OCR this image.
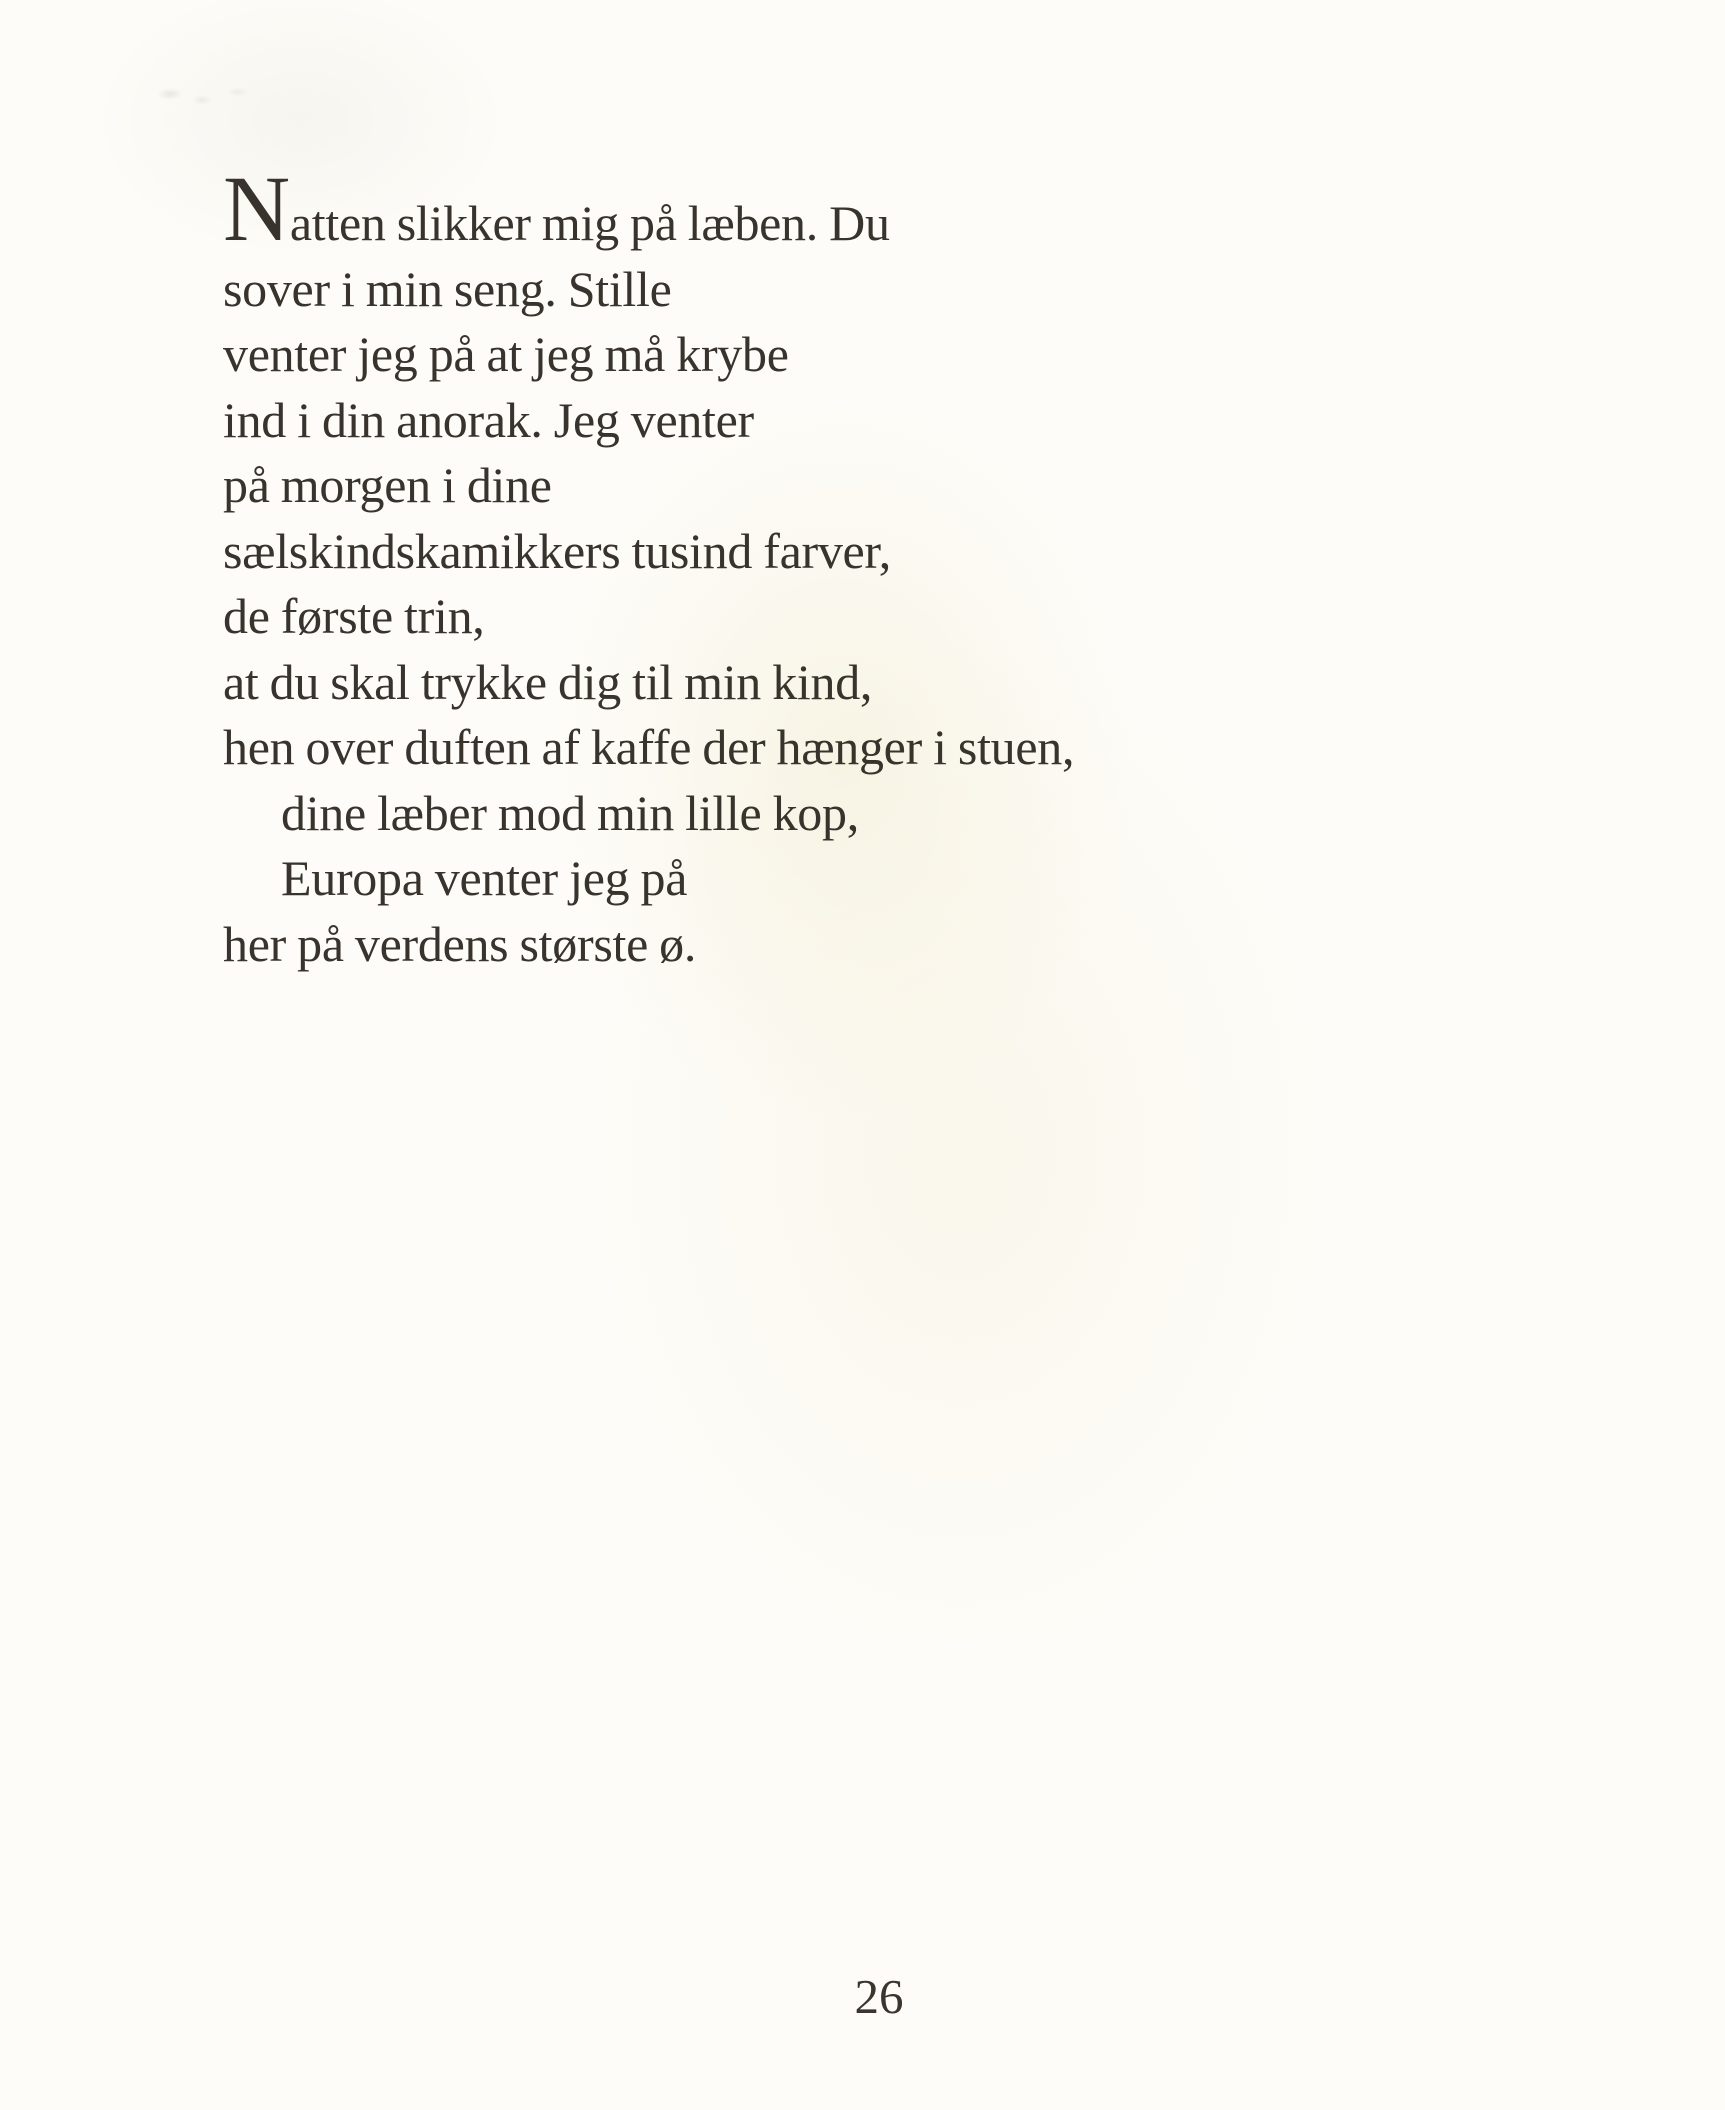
Natten slikker mig på læben. Du
sover i min seng. Stille
venter jeg på at jeg må krybe
ind i din anorak. Jeg venter
på morgen i dine
sælskindskamikkers tusind farver,
de første trin,
at du skal trykke dig til min kind,
hen over duften af kaffe der hænger i stuen,
dine læber mod min lille kop,
Europa venter jeg på
her på verdens største ø.
26
